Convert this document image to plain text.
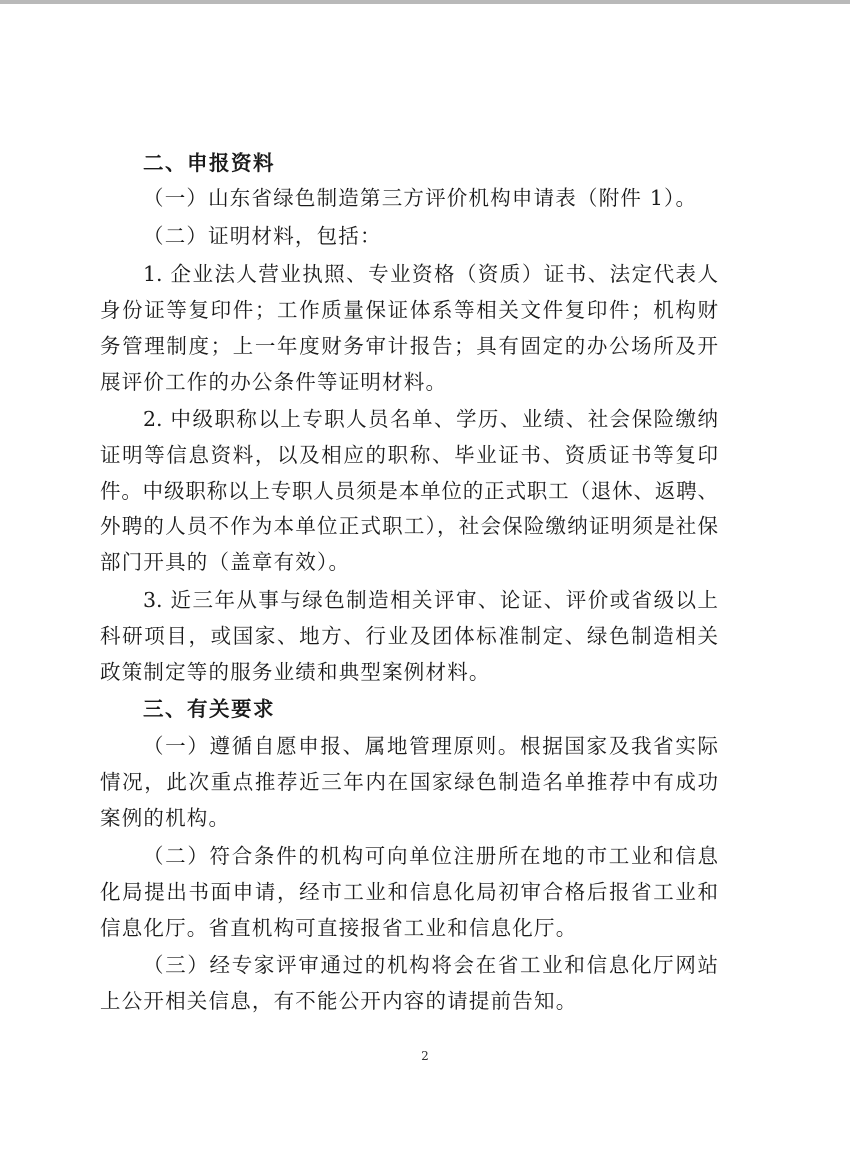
二、申报资料
（一）山东省绿色制造第三方评价机构申请表（附件 1）。
（二）证明材料，包括：
1. 企业法人营业执照、专业资格（资质）证书、法定代表人
身份证等复印件；工作质量保证体系等相关文件复印件；机构财
务管理制度；上一年度财务审计报告；具有固定的办公场所及开
展评价工作的办公条件等证明材料。
2. 中级职称以上专职人员名单、学历、业绩、社会保险缴纳
证明等信息资料，以及相应的职称、毕业证书、资质证书等复印
件。中级职称以上专职人员须是本单位的正式职工（退休、返聘、
外聘的人员不作为本单位正式职工），社会保险缴纳证明须是社保
部门开具的（盖章有效）。
3. 近三年从事与绿色制造相关评审、论证、评价或省级以上
科研项目，或国家、地方、行业及团体标准制定、绿色制造相关
政策制定等的服务业绩和典型案例材料。
三、有关要求
（一）遵循自愿申报、属地管理原则。根据国家及我省实际
情况，此次重点推荐近三年内在国家绿色制造名单推荐中有成功
案例的机构。
（二）符合条件的机构可向单位注册所在地的市工业和信息
化局提出书面申请，经市工业和信息化局初审合格后报省工业和
信息化厅。省直机构可直接报省工业和信息化厅。
（三）经专家评审通过的机构将会在省工业和信息化厅网站
上公开相关信息，有不能公开内容的请提前告知。
2
